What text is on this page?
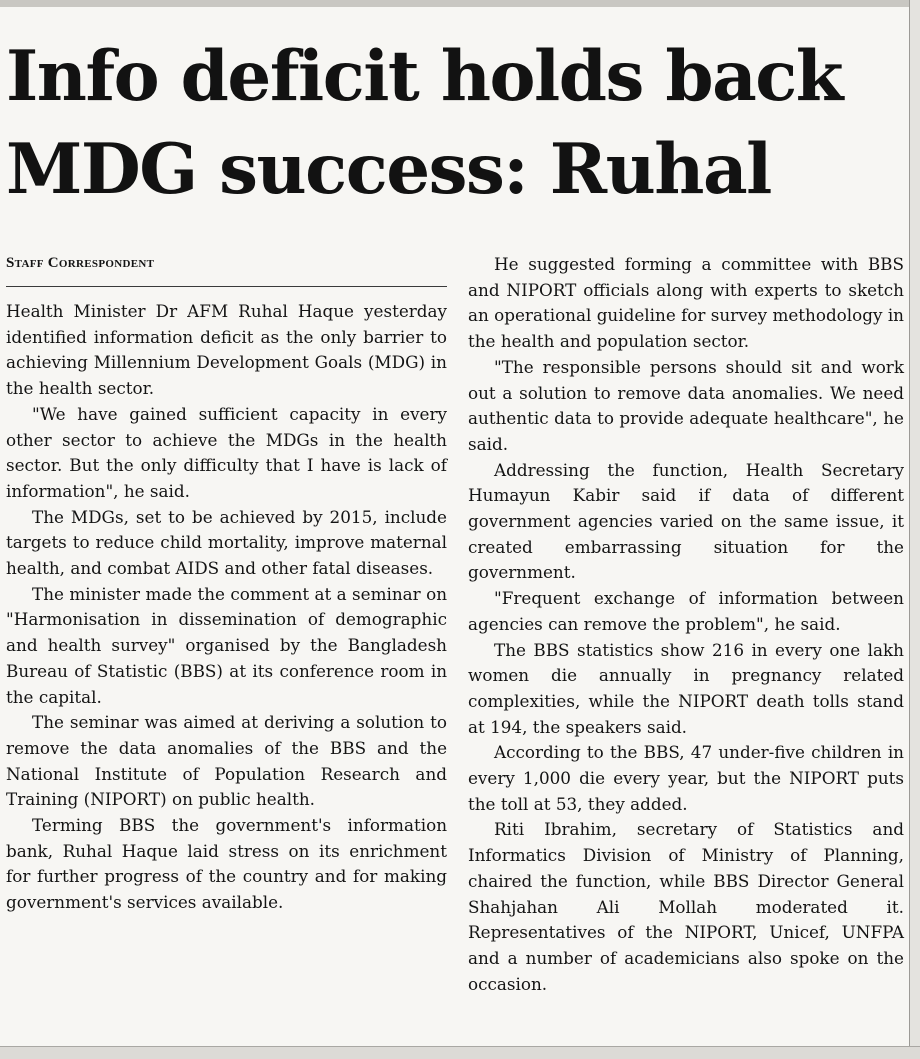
Info deficit holds back
MDG success: Ruhal
Staff Correspondent

Health Minister Dr AFM Ruhal Haque yesterday identified information deficit as the only barrier to achieving Millennium Development Goals (MDG) in the health sector.

"We have gained sufficient capacity in every other sector to achieve the MDGs in the health sector. But the only difficulty that I have is lack of information", he said.

The MDGs, set to be achieved by 2015, include targets to reduce child mortality, improve maternal health, and combat AIDS and other fatal diseases.

The minister made the comment at a seminar on "Harmonisation in dissemination of demographic and health survey" organised by the Bangladesh Bureau of Statistic (BBS) at its conference room in the capital.

The seminar was aimed at deriving a solution to remove the data anomalies of the BBS and the National Institute of Population Research and Training (NIPORT) on public health.

Terming BBS the government's information bank, Ruhal Haque laid stress on its enrichment for further progress of the country and for making government's services available.

He suggested forming a committee with BBS and NIPORT officials along with experts to sketch an operational guideline for survey methodology in the health and population sector.

"The responsible persons should sit and work out a solution to remove data anomalies. We need authentic data to provide adequate healthcare", he said.

Addressing the function, Health Secretary Humayun Kabir said if data of different government agencies varied on the same issue, it created embarrassing situation for the government.

"Frequent exchange of information between agencies can remove the problem", he said.

The BBS statistics show 216 in every one lakh women die annually in pregnancy related complexities, while the NIPORT death tolls stand at 194, the speakers said.

According to the BBS, 47 under-five children in every 1,000 die every year, but the NIPORT puts the toll at 53, they added.

Riti Ibrahim, secretary of Statistics and Informatics Division of Ministry of Planning, chaired the function, while BBS Director General Shahjahan Ali Mollah moderated it. Representatives of the NIPORT, Unicef, UNFPA and a number of academicians also spoke on the occasion.
